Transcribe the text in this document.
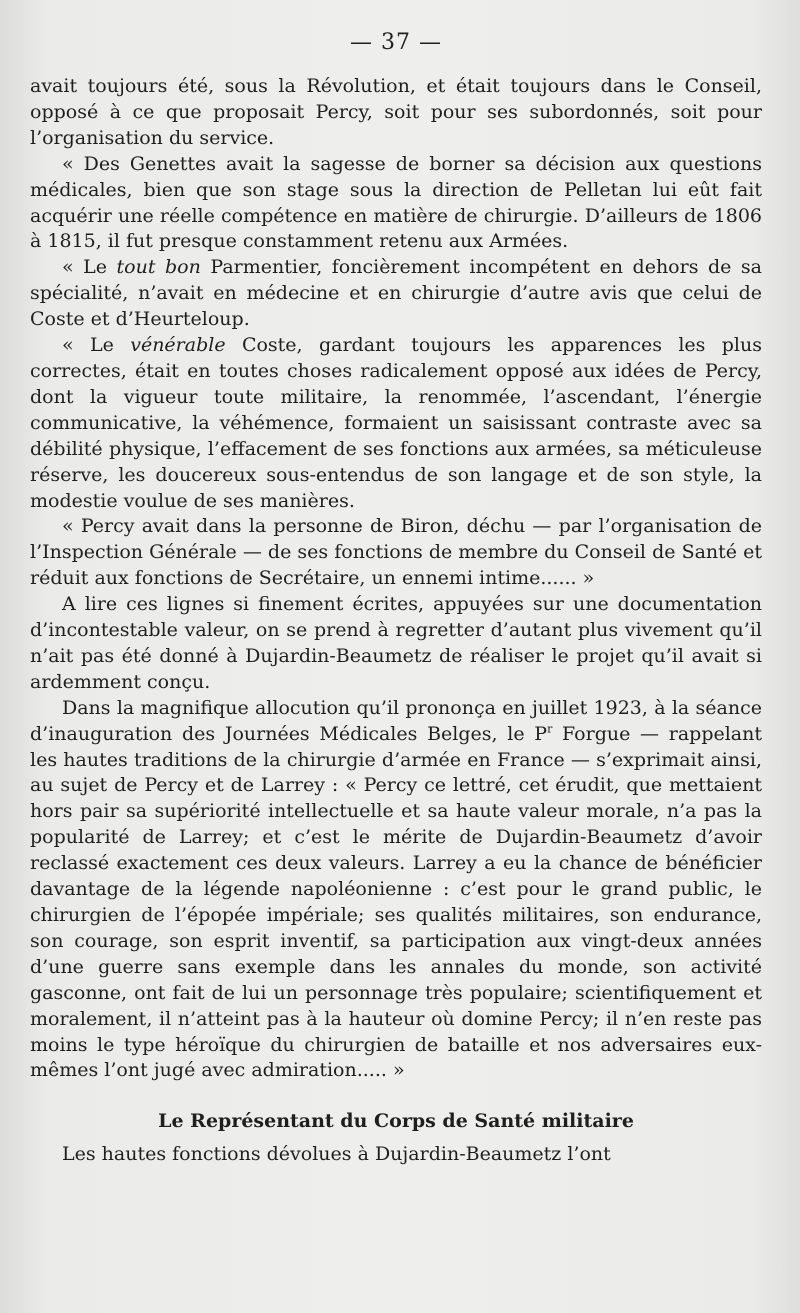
— 37 —

avait toujours été, sous la Révolution, et était toujours dans le Conseil, opposé à ce que proposait Percy, soit pour ses subordonnés, soit pour l’organisation du service.

« Des Genettes avait la sagesse de borner sa décision aux questions médicales, bien que son stage sous la direction de Pelletan lui eût fait acquérir une réelle compétence en matière de chirurgie. D’ailleurs de 1806 à 1815, il fut presque constamment retenu aux Armées.

« Le tout bon Parmentier, foncièrement incompétent en dehors de sa spécialité, n’avait en médecine et en chirurgie d’autre avis que celui de Coste et d’Heurteloup.

« Le vénérable Coste, gardant toujours les apparences les plus correctes, était en toutes choses radicalement opposé aux idées de Percy, dont la vigueur toute militaire, la renommée, l’ascendant, l’énergie communicative, la véhémence, formaient un saisissant contraste avec sa débilité physique, l’effacement de ses fonctions aux armées, sa méticuleuse réserve, les doucereux sous-entendus de son langage et de son style, la modestie voulue de ses manières.

« Percy avait dans la personne de Biron, déchu — par l’organisation de l’Inspection Générale — de ses fonctions de membre du Conseil de Santé et réduit aux fonctions de Secrétaire, un ennemi intime...... »

A lire ces lignes si finement écrites, appuyées sur une documentation d’incontestable valeur, on se prend à regretter d’autant plus vivement qu’il n’ait pas été donné à Dujardin-Beaumetz de réaliser le projet qu’il avait si ardemment conçu.

Dans la magnifique allocution qu’il prononça en juillet 1923, à la séance d’inauguration des Journées Médicales Belges, le $P^r$ Forgue — rappelant les hautes traditions de la chirurgie d’armée en France — s’exprimait ainsi, au sujet de Percy et de Larrey : « Percy ce lettré, cet érudit, que mettaient hors pair sa supériorité intellectuelle et sa haute valeur morale, n’a pas la popularité de Larrey; et c’est le mérite de Dujardin-Beaumetz d’avoir reclassé exactement ces deux valeurs. Larrey a eu la chance de bénéficier davantage de la légende napoléonienne : c’est pour le grand public, le chirurgien de l’épopée impériale; ses qualités militaires, son endurance, son courage, son esprit inventif, sa participation aux vingt-deux années d’une guerre sans exemple dans les annales du monde, son activité gasconne, ont fait de lui un personnage très populaire; scientifiquement et moralement, il n’atteint pas à la hauteur où domine Percy; il n’en reste pas moins le type héroïque du chirurgien de bataille et nos adversaires eux-mêmes l’ont jugé avec admiration..... »

Le Représentant du Corps de Santé militaire

Les hautes fonctions dévolues à Dujardin-Beaumetz l’ont
